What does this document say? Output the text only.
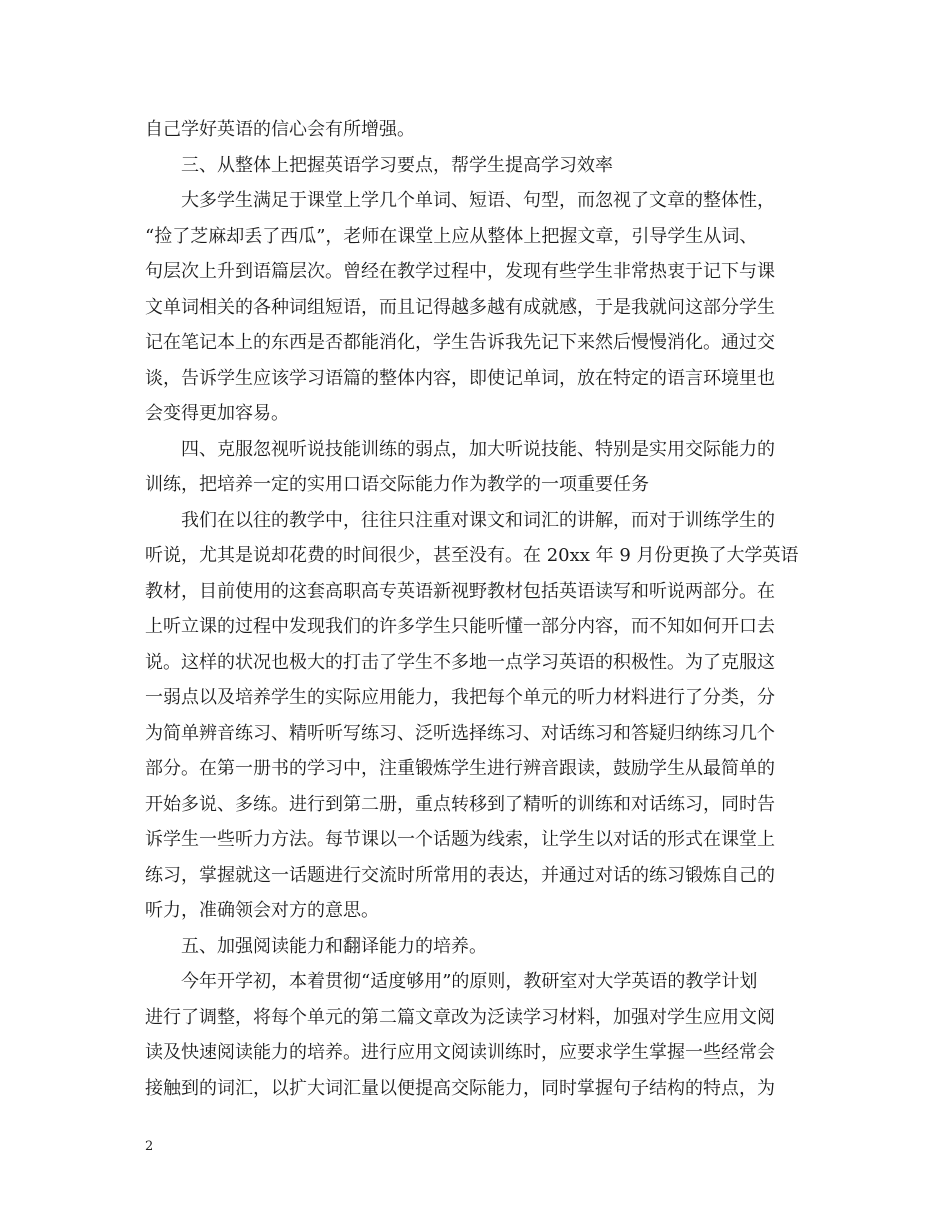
自己学好英语的信心会有所增强。
三、从整体上把握英语学习要点，帮学生提高学习效率
大多学生满足于课堂上学几个单词、短语、句型，而忽视了文章的整体性，
“捡了芝麻却丢了西瓜”，老师在课堂上应从整体上把握文章，引导学生从词、
句层次上升到语篇层次。曾经在教学过程中，发现有些学生非常热衷于记下与课
文单词相关的各种词组短语，而且记得越多越有成就感，于是我就问这部分学生
记在笔记本上的东西是否都能消化，学生告诉我先记下来然后慢慢消化。通过交
谈，告诉学生应该学习语篇的整体内容，即使记单词，放在特定的语言环境里也
会变得更加容易。
四、克服忽视听说技能训练的弱点，加大听说技能、特别是实用交际能力的
训练，把培养一定的实用口语交际能力作为教学的一项重要任务
我们在以往的教学中，往往只注重对课文和词汇的讲解，而对于训练学生的
听说，尤其是说却花费的时间很少，甚至没有。在 20xx 年 9 月份更换了大学英语
教材，目前使用的这套高职高专英语新视野教材包括英语读写和听说两部分。在
上听立课的过程中发现我们的许多学生只能听懂一部分内容，而不知如何开口去
说。这样的状况也极大的打击了学生不多地一点学习英语的积极性。为了克服这
一弱点以及培养学生的实际应用能力，我把每个单元的听力材料进行了分类，分
为简单辨音练习、精听听写练习、泛听选择练习、对话练习和答疑归纳练习几个
部分。在第一册书的学习中，注重锻炼学生进行辨音跟读，鼓励学生从最简单的
开始多说、多练。进行到第二册，重点转移到了精听的训练和对话练习，同时告
诉学生一些听力方法。每节课以一个话题为线索，让学生以对话的形式在课堂上
练习，掌握就这一话题进行交流时所常用的表达，并通过对话的练习锻炼自己的
听力，准确领会对方的意思。
五、加强阅读能力和翻译能力的培养。
今年开学初，本着贯彻“适度够用”的原则，教研室对大学英语的教学计划
进行了调整，将每个单元的第二篇文章改为泛读学习材料，加强对学生应用文阅
读及快速阅读能力的培养。进行应用文阅读训练时，应要求学生掌握一些经常会
接触到的词汇，以扩大词汇量以便提高交际能力，同时掌握句子结构的特点，为
2
